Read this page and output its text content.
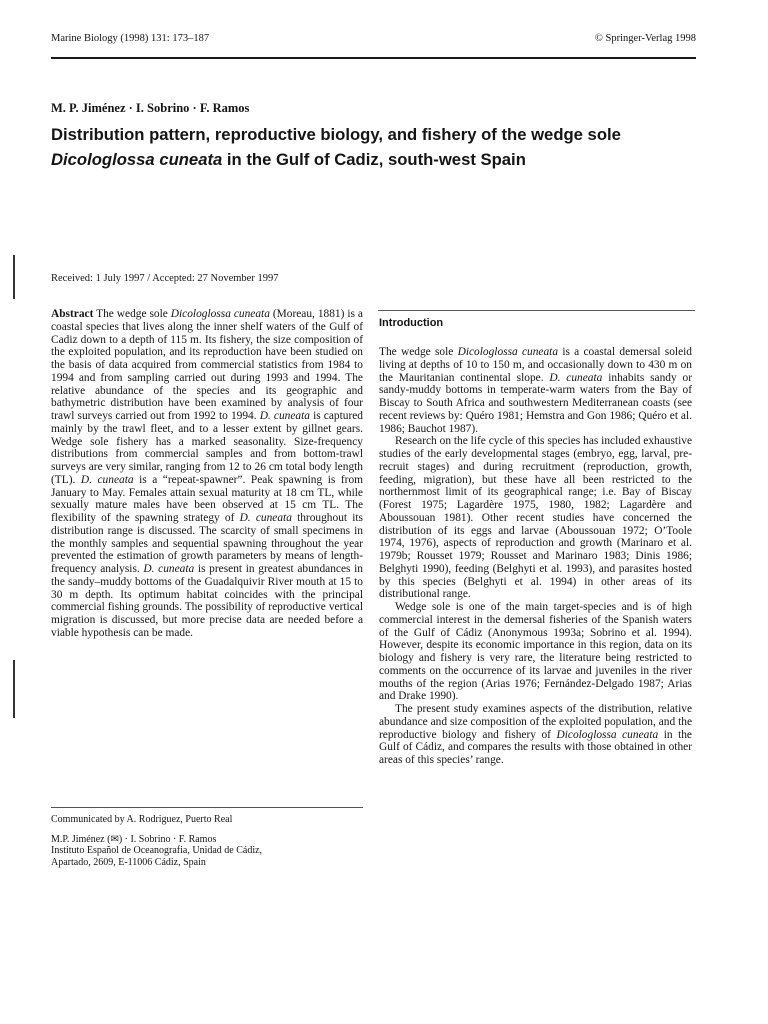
Marine Biology (1998) 131: 173–187	© Springer-Verlag 1998
M. P. Jiménez · I. Sobrino · F. Ramos
Distribution pattern, reproductive biology, and fishery of the wedge sole
Dicologlossa cuneata in the Gulf of Cadiz, south-west Spain
Received: 1 July 1997 / Accepted: 27 November 1997
Abstract The wedge sole Dicologlossa cuneata (Moreau, 1881) is a coastal species that lives along the inner shelf waters of the Gulf of Cadiz down to a depth of 115 m. Its fishery, the size composition of the exploited population, and its reproduction have been studied on the basis of data acquired from commercial statistics from 1984 to 1994 and from sampling carried out during 1993 and 1994. The relative abundance of the species and its geographic and bathymetric distribution have been examined by analysis of four trawl surveys carried out from 1992 to 1994. D. cuneata is captured mainly by the trawl fleet, and to a lesser extent by gillnet gears. Wedge sole fishery has a marked seasonality. Size-frequency distributions from commercial samples and from bottom-trawl surveys are very similar, ranging from 12 to 26 cm total body length (TL). D. cuneata is a “repeat-spawner”. Peak spawning is from January to May. Females attain sexual maturity at 18 cm TL, while sexually mature males have been observed at 15 cm TL. The flexibility of the spawning strategy of D. cuneata throughout its distribution range is discussed. The scarcity of small specimens in the monthly samples and sequential spawning throughout the year prevented the estimation of growth parameters by means of length-frequency analysis. D. cuneata is present in greatest abundances in the sandy–muddy bottoms of the Guadalquivir River mouth at 15 to 30 m depth. Its optimum habitat coincides with the principal commercial fishing grounds. The possibility of reproductive vertical migration is discussed, but more precise data are needed before a viable hypothesis can be made.
Communicated by A. Rodriguez, Puerto Real
M.P. Jiménez (✉) · I. Sobrino · F. Ramos
Instituto Español de Oceanografia, Unidad de Cádiz,
Apartado, 2609, E-11006 Cádiz, Spain
Introduction

The wedge sole Dicologlossa cuneata is a coastal demersal soleid living at depths of 10 to 150 m, and occasionally down to 430 m on the Mauritanian continental slope. D. cuneata inhabits sandy or sandy-muddy bottoms in temperate-warm waters from the Bay of Biscay to South Africa and southwestern Mediterranean coasts (see recent reviews by: Quéro 1981; Hemstra and Gon 1986; Quéro et al. 1986; Bauchot 1987).

Research on the life cycle of this species has included exhaustive studies of the early developmental stages (embryo, egg, larval, pre-recruit stages) and during recruitment (reproduction, growth, feeding, migration), but these have all been restricted to the northernmost limit of its geographical range; i.e. Bay of Biscay (Forest 1975; Lagardère 1975, 1980, 1982; Lagardère and Aboussouan 1981). Other recent studies have concerned the distribution of its eggs and larvae (Aboussouan 1972; O’Toole 1974, 1976), aspects of reproduction and growth (Marinaro et al. 1979b; Rousset 1979; Rousset and Marinaro 1983; Dinis 1986; Belghyti 1990), feeding (Belghyti et al. 1993), and parasites hosted by this species (Belghyti et al. 1994) in other areas of its distributional range.

Wedge sole is one of the main target-species and is of high commercial interest in the demersal fisheries of the Spanish waters of the Gulf of Cádiz (Anonymous 1993a; Sobrino et al. 1994). However, despite its economic importance in this region, data on its biology and fishery is very rare, the literature being restricted to comments on the occurrence of its larvae and juveniles in the river mouths of the region (Arias 1976; Fernández-Delgado 1987; Arias and Drake 1990).

The present study examines aspects of the distribution, relative abundance and size composition of the exploited population, and the reproductive biology and fishery of Dicologlossa cuneata in the Gulf of Cádiz, and compares the results with those obtained in other areas of this species’ range.
